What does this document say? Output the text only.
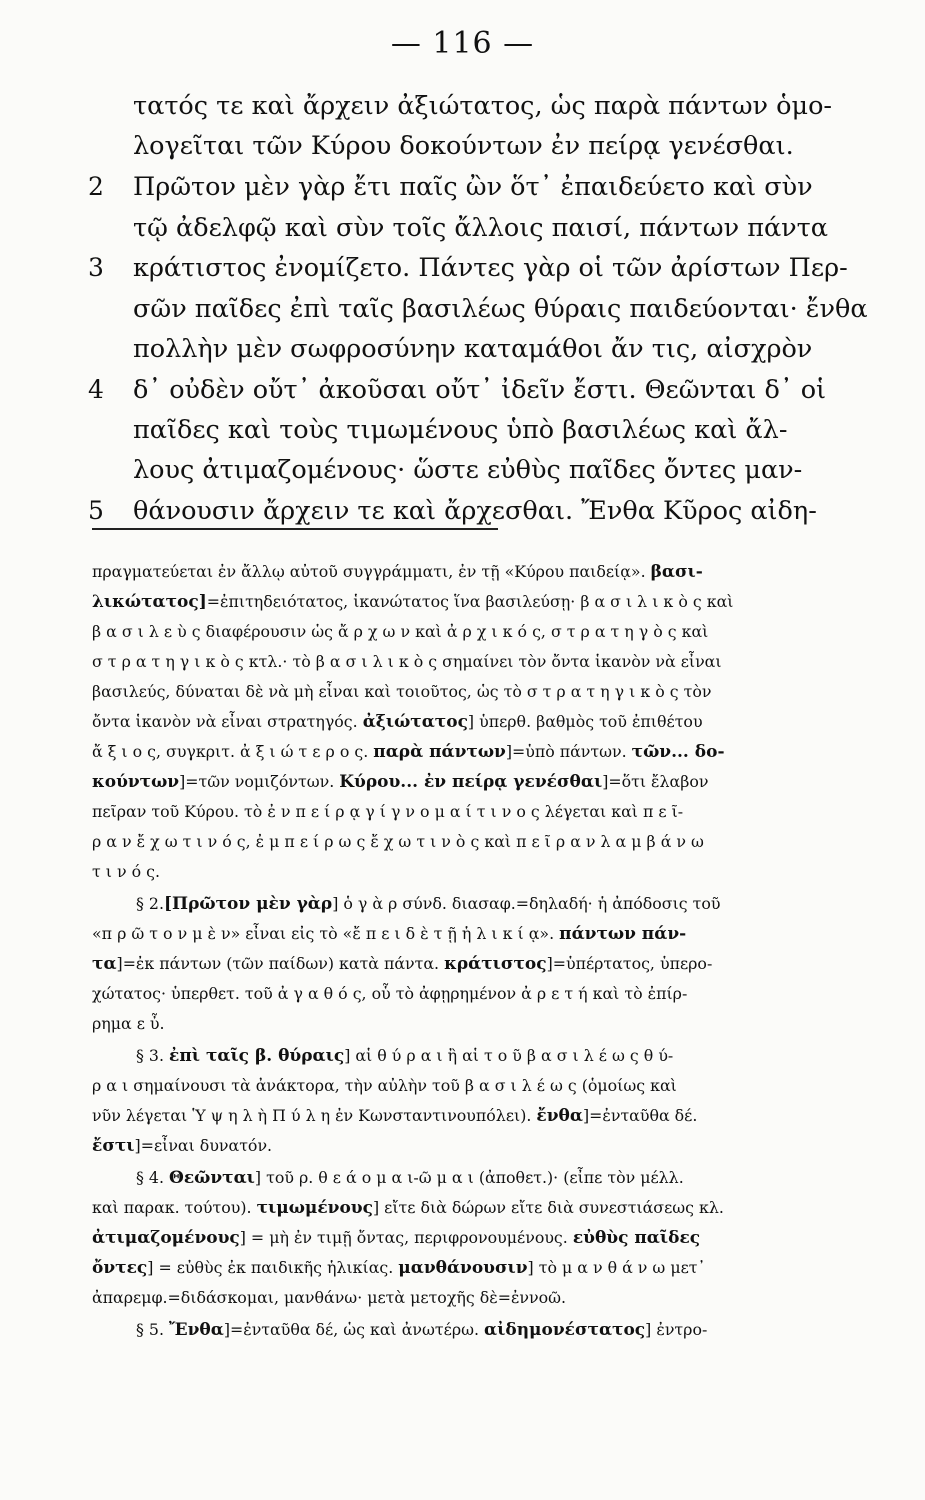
— 116 —
τατός τε καὶ ἄρχειν ἀξιώτατος, ὡς παρὰ πάντων ὁμο-
λογεῖται τῶν Κύρου δοκούντων ἐν πείρᾳ γενέσθαι.
Πρῶτον μὲν γὰρ ἔτι παῖς ὢν ὅτ᾽ ἐπαιδεύετο καὶ σὺν
τῷ ἀδελφῷ καὶ σὺν τοῖς ἄλλοις παισί, πάντων πάντα
κράτιστος ἐνομίζετο. Πάντες γὰρ οἱ τῶν ἀρίστων Περ-
σῶν παῖδες ἐπὶ ταῖς βασιλέως θύραις παιδεύονται· ἔνθα
πολλὴν μὲν σωφροσύνην καταμάθοι ἄν τις, αἰσχρὸν
δ᾽ οὐδὲν οὔτ᾽ ἀκοῦσαι οὔτ᾽ ἰδεῖν ἔστι. Θεῶνται δ᾽ οἱ
παῖδες καὶ τοὺς τιμωμένους ὑπὸ βασιλέως καὶ ἄλ-
λους ἀτιμαζομένους· ὥστε εὐθὺς παῖδες ὄντες μαν-
θάνουσιν ἄρχειν τε καὶ ἄρχεσθαι. Ἔνθα Κῦρος αἰδη-
2
3
4
5
πραγματεύεται ἐν ἄλλῳ αὐτοῦ συγγράμματι, ἐν τῇ «Κύρου παιδείᾳ». βασι-
λικώτατος]=ἐπιτηδειότατος, ἱκανώτατος ἵνα βασιλεύσῃ· β α σ ι λ ι κ ὸ ς καὶ
β α σ ι λ ε ὺ ς διαφέρουσιν ὡς ἄ ρ χ ω ν καὶ ἀ ρ χ ι κ ό ς, σ τ ρ α τ η γ ὸ ς καὶ
σ τ ρ α τ η γ ι κ ὸ ς κτλ.· τὸ β α σ ι λ ι κ ὸ ς σημαίνει τὸν ὄντα ἱκανὸν νὰ εἶναι
βασιλεύς, δύναται δὲ νὰ μὴ εἶναι καὶ τοιοῦτος, ὡς τὸ σ τ ρ α τ η γ ι κ ὸ ς τὸν
ὄντα ἱκανὸν νὰ εἶναι στρατηγός. ἀξιώτατος] ὑπερθ. βαθμὸς τοῦ ἐπιθέτου
ἄ ξ ι ο ς, συγκριτ. ἀ ξ ι ώ τ ε ρ ο ς. παρὰ πάντων]=ὑπὸ πάντων. τῶν... δο-
κούντων]=τῶν νομιζόντων. Κύρου... ἐν πείρᾳ γενέσθαι]=ὅτι ἔλαβον
πεῖραν τοῦ Κύρου. τὸ ἐ ν π ε ί ρ ᾳ γ ί γ ν ο μ α ί τ ι ν ο ς λέγεται καὶ π ε ῖ-
ρ α ν ἔ χ ω τ ι ν ό ς, ἐ μ π ε ί ρ ω ς ἔ χ ω τ ι ν ὸ ς καὶ π ε ῖ ρ α ν λ α μ β ά ν ω
τ ι ν ό ς.
§ 2.[Πρῶτον μὲν γὰρ] ὁ γ ὰ ρ σύνδ. διασαφ.=δηλαδή· ἡ ἀπόδοσις τοῦ
«π ρ ῶ τ ο ν μ ὲ ν» εἶναι εἰς τὸ «ἔ π ε ι δ ὲ τ ῇ ἡ λ ι κ ί ᾳ». πάντων πάν-
τα]=ἐκ πάντων (τῶν παίδων) κατὰ πάντα. κράτιστος]=ὑπέρτατος, ὑπερο-
χώτατος· ὑπερθετ. τοῦ ἀ γ α θ ό ς, οὗ τὸ ἀφῃρημένον ἀ ρ ε τ ή καὶ τὸ ἐπίρ-
ρημα ε ὖ.
§ 3. ἐπὶ ταῖς β. θύραις] αἱ θ ύ ρ α ι ἢ αἱ τ ο ῦ β α σ ι λ έ ω ς θ ύ-
ρ α ι σημαίνουσι τὰ ἀνάκτορα, τὴν αὐλὴν τοῦ β α σ ι λ έ ω ς (ὁμοίως καὶ
νῦν λέγεται Ὑ ψ η λ ὴ Π ύ λ η ἐν Κωνσταντινουπόλει). ἔνθα]=ἐνταῦθα δέ.
ἔστι]=εἶναι δυνατόν.
§ 4. Θεῶνται] τοῦ ρ. θ ε ά ο μ α ι-ῶ μ α ι (ἀποθετ.)· (εἶπε τὸν μέλλ.
καὶ παρακ. τούτου). τιμωμένους] εἴτε διὰ δώρων εἴτε διὰ συνεστιάσεως κλ.
ἀτιμαζομένους] = μὴ ἐν τιμῇ ὄντας, περιφρονουμένους. εὐθὺς παῖδες
ὄντες] = εὐθὺς ἐκ παιδικῆς ἡλικίας. μανθάνουσιν] τὸ μ α ν θ ά ν ω μετ᾽
ἀπαρεμφ.=διδάσκομαι, μανθάνω· μετὰ μετοχῆς δὲ=ἐννοῶ.
§ 5. Ἔνθα]=ἐνταῦθα δέ, ὡς καὶ ἀνωτέρω. αἰδημονέστατος] ἐντρο-
